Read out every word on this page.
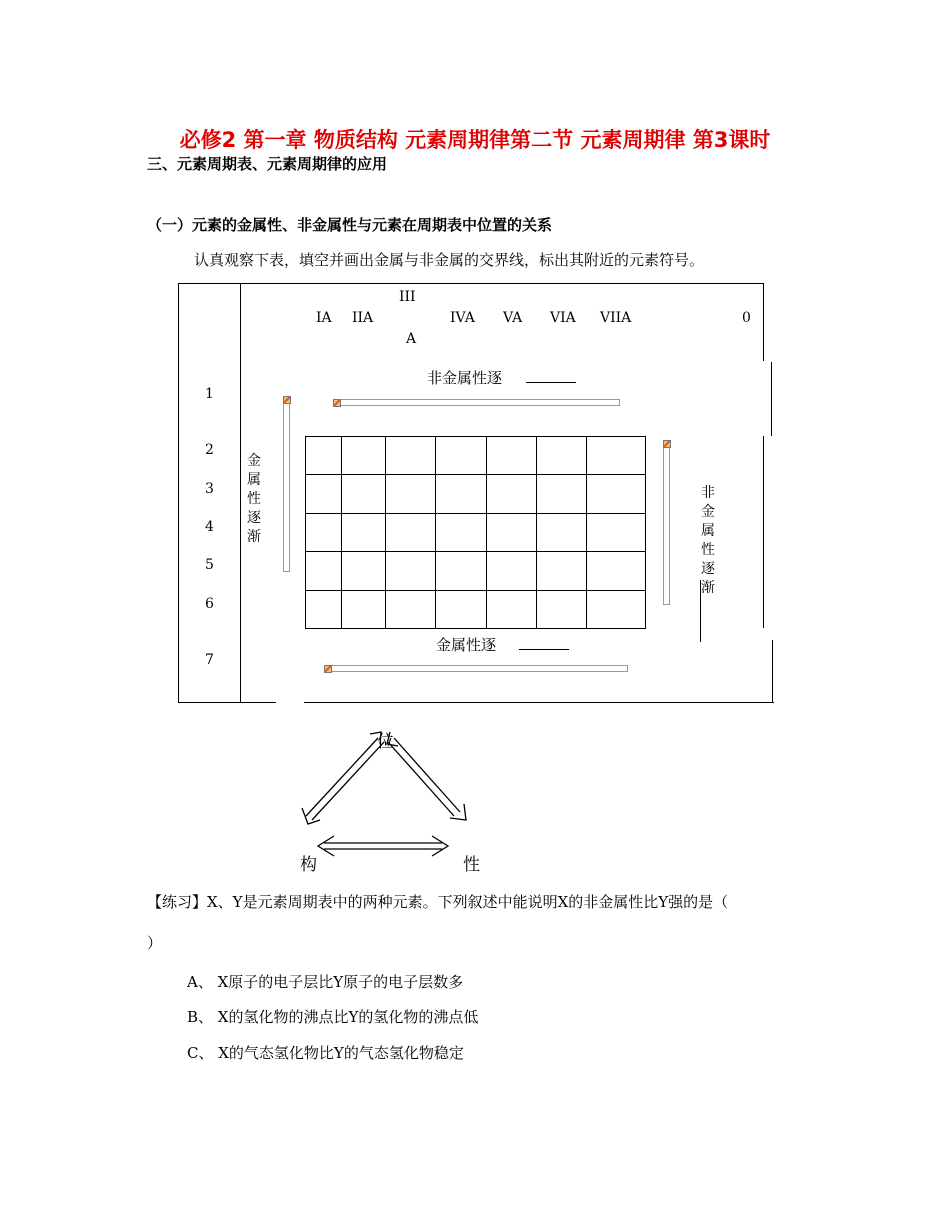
必修2 第一章 物质结构 元素周期律第二节 元素周期律 第3课时
三、元素周期表、元素周期律的应用
（一）元素的金属性、非金属性与元素在周期表中位置的关系
认真观察下表，填空并画出金属与非金属的交界线，标出其附近的元素符号。
IA IIA
III
A
IVA VA VIA VIIA	0
1
2
3
4
5
6
7
非金属性逐
金属性逐渐
非金属性逐渐
金属性逐
位
构	性
【练习】X、Y是元素周期表中的两种元素。下列叙述中能说明X的非金属性比Y强的是（
）
A、 X原子的电子层比Y原子的电子层数多
B、 X的氢化物的沸点比Y的氢化物的沸点低
C、 X的气态氢化物比Y的气态氢化物稳定
